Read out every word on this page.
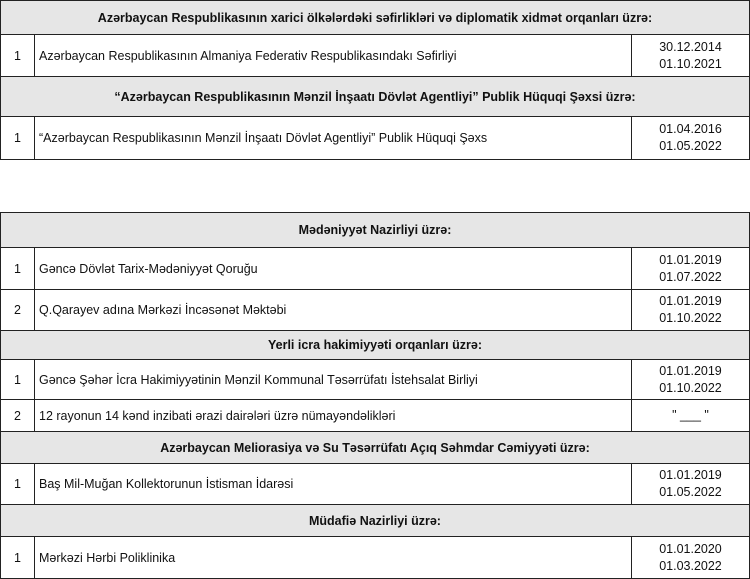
Azərbaycan Respublikasının xarici ölkələrdəki səfirlikləri və diplomatik xidmət orqanları üzrə:		
1	Azərbaycan Respublikasının Almaniya Federativ Respublikasındakı Səfirliyi	30.12.2014
01.10.2021

“Azərbaycan Respublikasının Mənzil İnşaatı Dövlət Agentliyi” Publik Hüquqi Şəxsi üzrə:		
1	“Azərbaycan Respublikasının Mənzil İnşaatı Dövlət Agentliyi” Publik Hüquqi Şəxs	01.04.2016
01.05.2022
Mədəniyyət Nazirliyi üzrə:		
1	Gəncə Dövlət Tarix-Mədəniyyət Qoruğu	01.01.2019
01.07.2022

2	Q.Qarayev adına Mərkəzi İncəsənət Məktəbi	01.01.2019
01.10.2022

Yerli icra hakimiyyəti orqanları üzrə:		
1	Gəncə Şəhər İcra Hakimiyyətinin Mənzil Kommunal Təsərrüfatı İstehsalat Birliyi	01.01.2019
01.10.2022

2	12 rayonun 14 kənd inzibati ərazi dairələri üzrə nümayəndəlikləri	" ___ "

Azərbaycan Meliorasiya və Su Təsərrüfatı Açıq Səhmdar Cəmiyyəti üzrə:		
1	Baş Mil-Muğan Kollektorunun İstisman İdarəsi	01.01.2019
01.05.2022

Müdafiə Nazirliyi üzrə:		
1	Mərkəzi Hərbi Poliklinika	01.01.2020
01.03.2022
